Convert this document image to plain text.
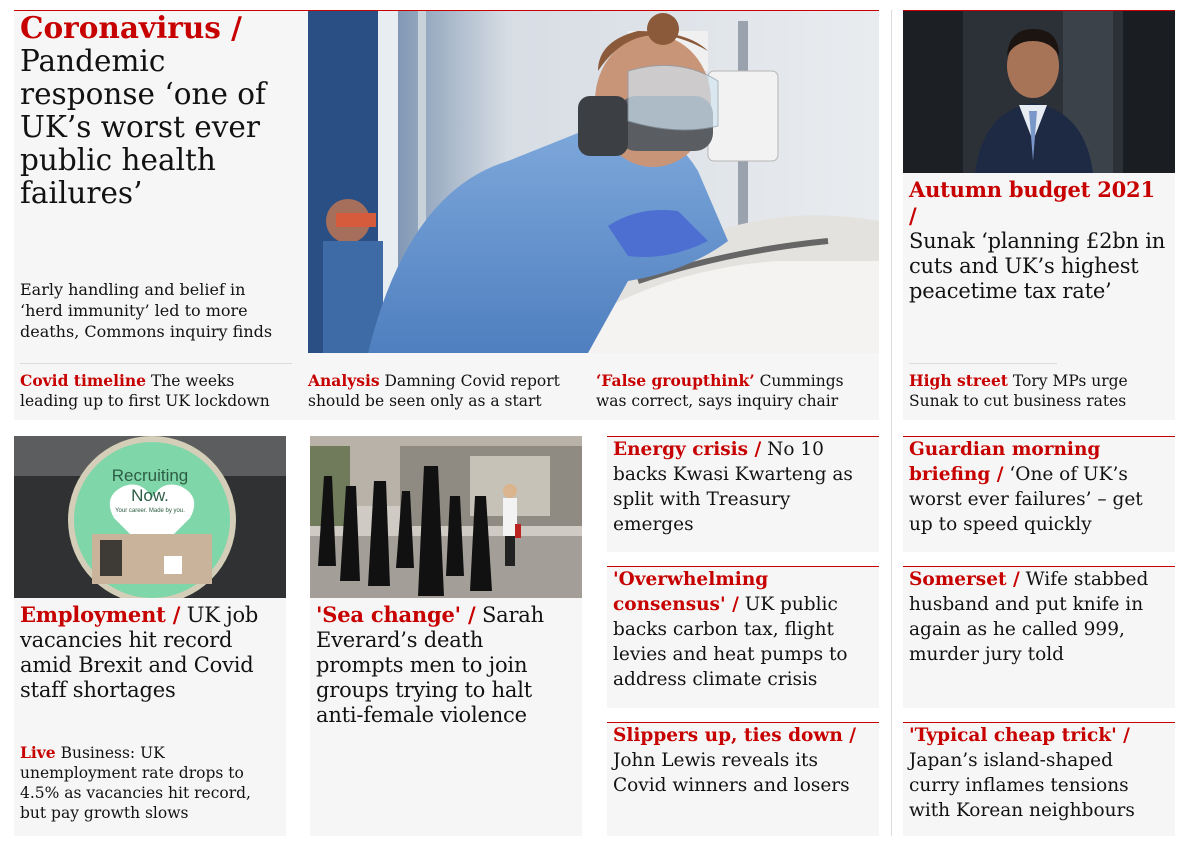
Coronavirus /
Pandemic response ‘one of UK’s worst ever public health failures’
Early handling and belief in ‘herd immunity’ led to more deaths, Commons inquiry finds
Covid timeline The weeks leading up to first UK lockdown
Analysis Damning Covid report should be seen only as a start
‘False groupthink’ Cummings was correct, says inquiry chair
Autumn budget 2021 /
Sunak ‘planning £2bn in cuts and UK’s highest peacetime tax rate’
High street Tory MPs urge Sunak to cut business rates
Recruiting
Now.
Your career. Made by you.
Employment / UK job vacancies hit record amid Brexit and Covid staff shortages
Live Business: UK unemployment rate drops to 4.5% as vacancies hit record, but pay growth slows
'Sea change' / Sarah Everard’s death prompts men to join groups trying to halt anti-female violence
Energy crisis / No 10 backs Kwasi Kwarteng as split with Treasury emerges
'Overwhelming consensus' / UK public backs carbon tax, flight levies and heat pumps to address climate crisis
Slippers up, ties down / John Lewis reveals its Covid winners and losers
Guardian morning briefing / ‘One of UK’s worst ever failures’ – get up to speed quickly
Somerset / Wife stabbed husband and put knife in again as he called 999, murder jury told
'Typical cheap trick' / Japan’s island-shaped curry inflames tensions with Korean neighbours
